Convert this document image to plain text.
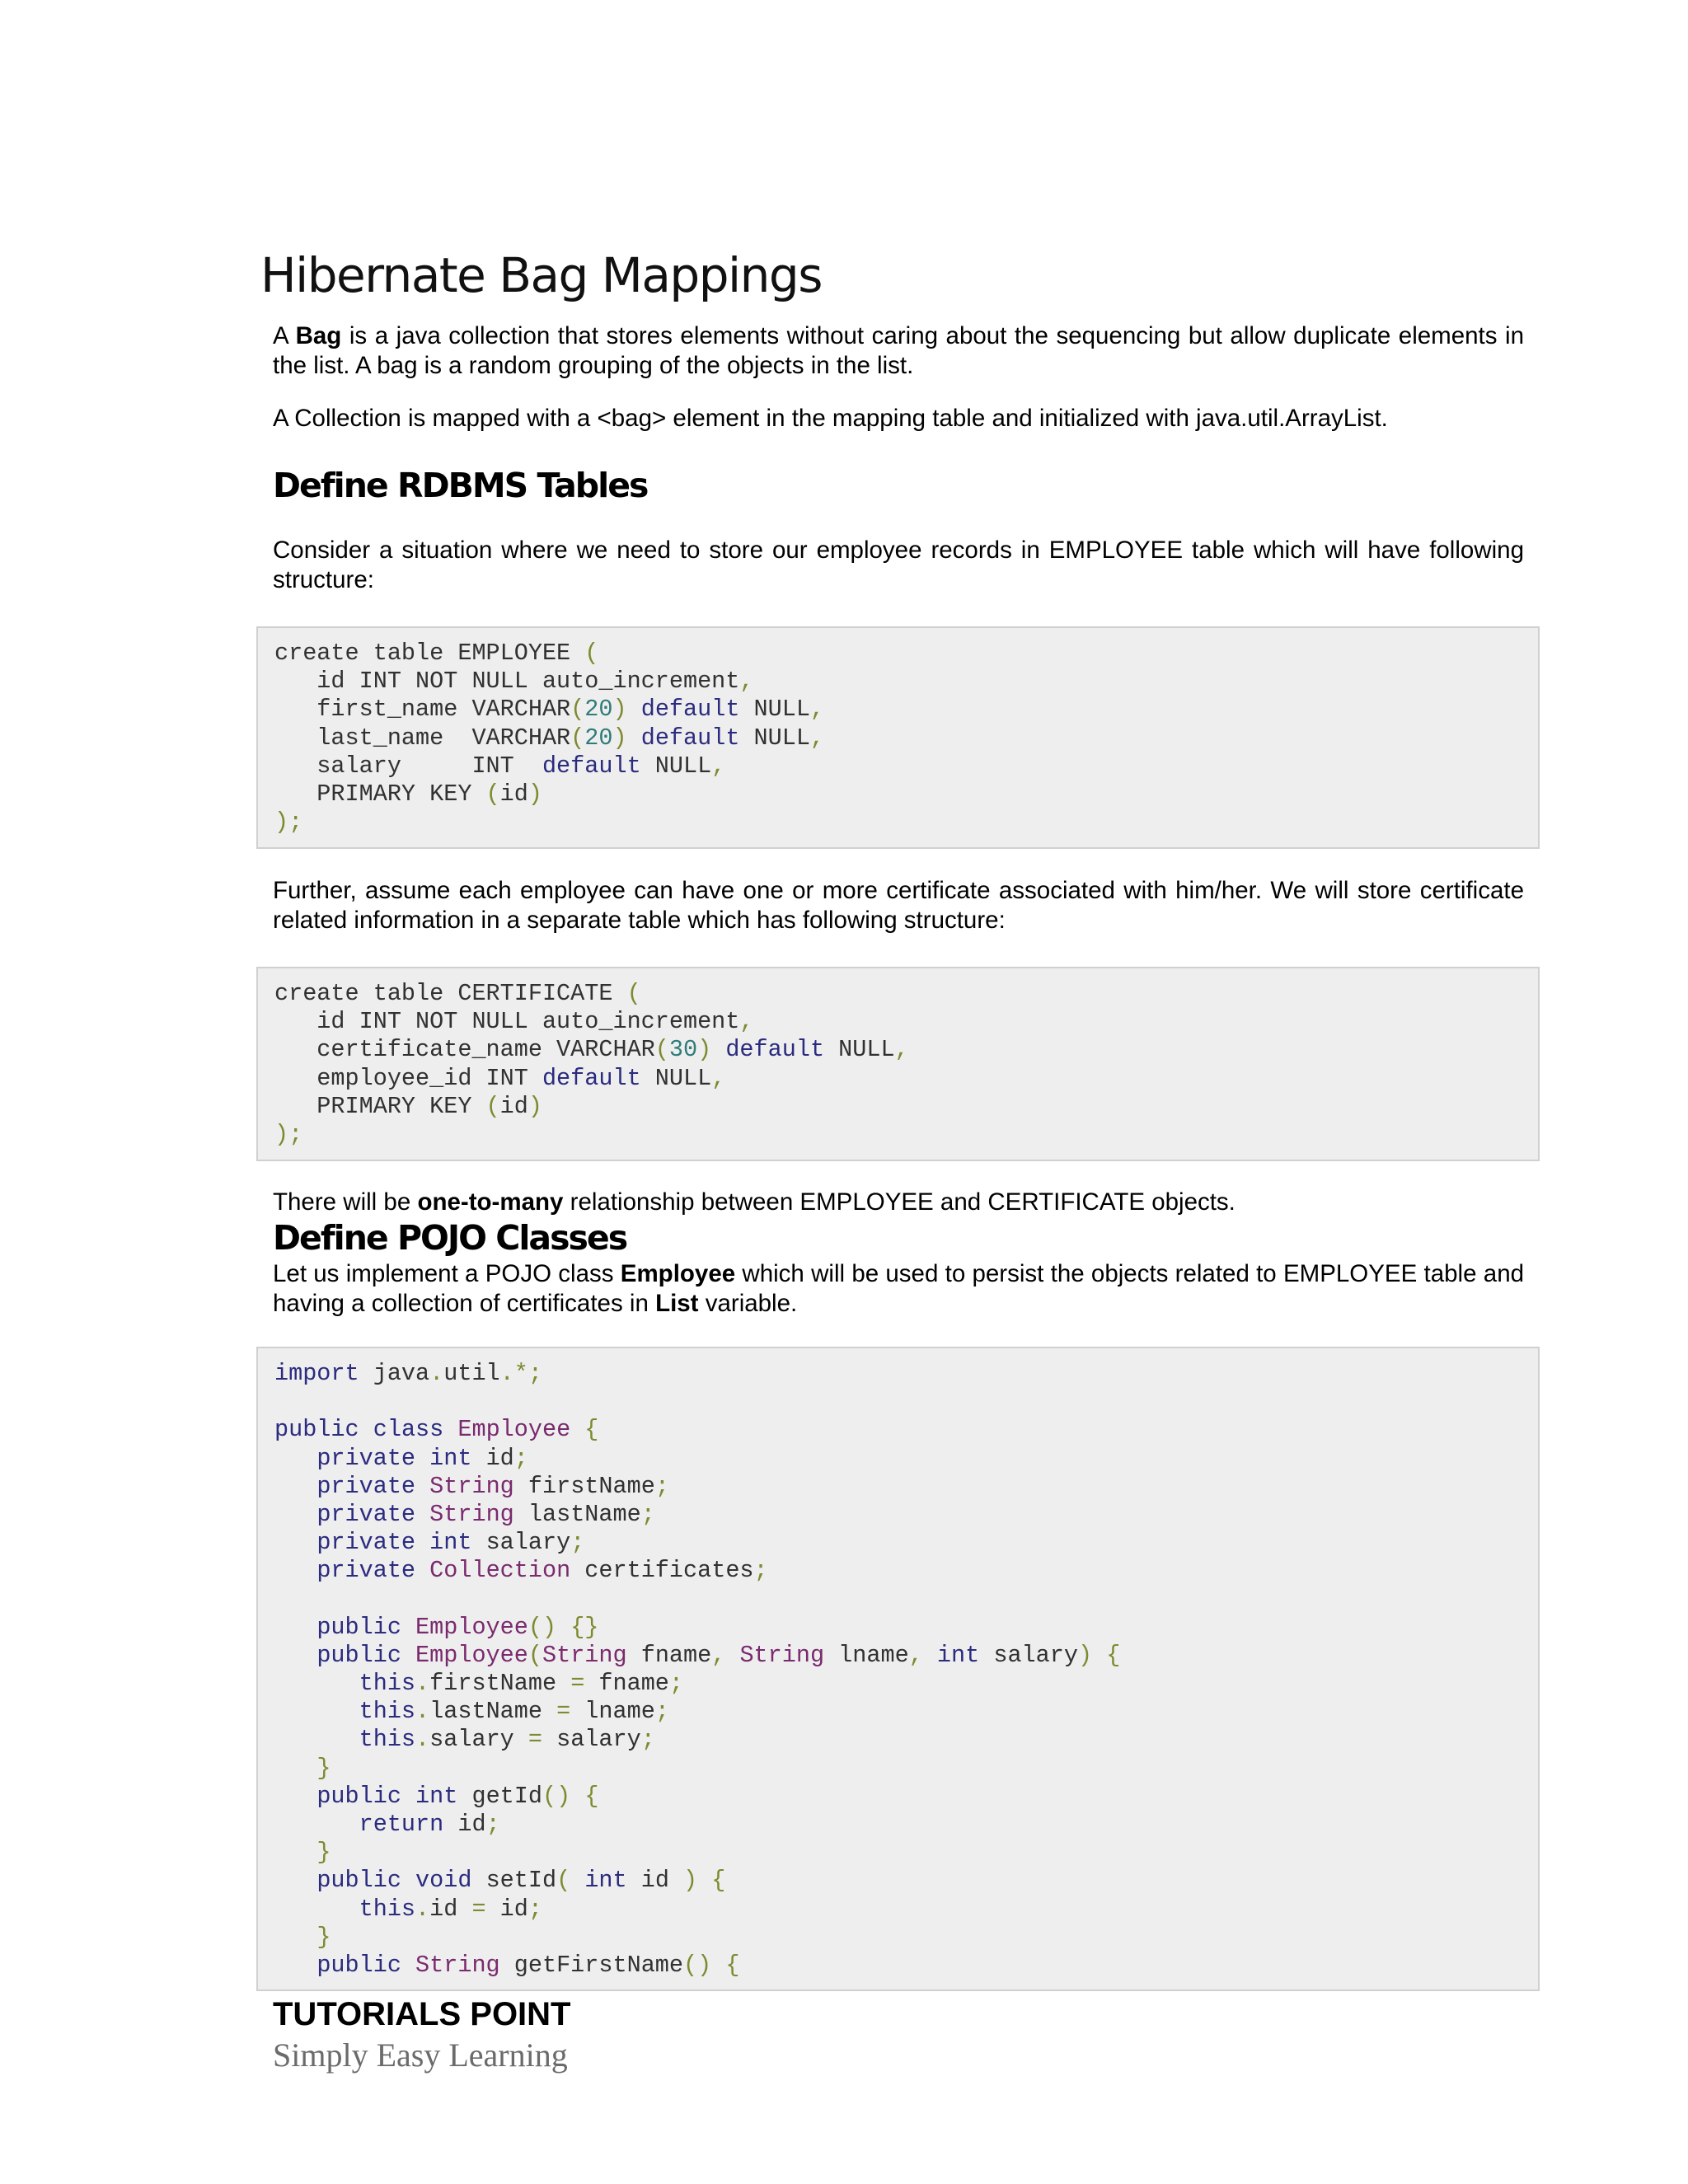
Hibernate Bag Mappings
A Bag is a java collection that stores elements without caring about the sequencing but allow duplicate elements in the list. A bag is a random grouping of the objects in the list.
A Collection is mapped with a <bag> element in the mapping table and initialized with java.util.ArrayList.
Define RDBMS Tables
Consider a situation where we need to store our employee records in EMPLOYEE table which will have following structure:
create table EMPLOYEE (
id INT NOT NULL auto_increment,
first_name VARCHAR(20) default NULL,
last_name  VARCHAR(20) default NULL,
salary     INT  default NULL,
PRIMARY KEY (id)
);
Further, assume each employee can have one or more certificate associated with him/her. We will store certificate related information in a separate table which has following structure:
create table CERTIFICATE (
id INT NOT NULL auto_increment,
certificate_name VARCHAR(30) default NULL,
employee_id INT default NULL,
PRIMARY KEY (id)
);
There will be one-to-many relationship between EMPLOYEE and CERTIFICATE objects.
Define POJO Classes
Let us implement a POJO class Employee which will be used to persist the objects related to EMPLOYEE table and having a collection of certificates in List variable.
import java.util.*;
public class Employee {
private int id;
private String firstName;
private String lastName;
private int salary;
private Collection certificates;
public Employee() {}
public Employee(String fname, String lname, int salary) {
this.firstName = fname;
this.lastName = lname;
this.salary = salary;
}
public int getId() {
return id;
}
public void setId( int id ) {
this.id = id;
}
public String getFirstName() {
TUTORIALS POINT
Simply Easy Learning
